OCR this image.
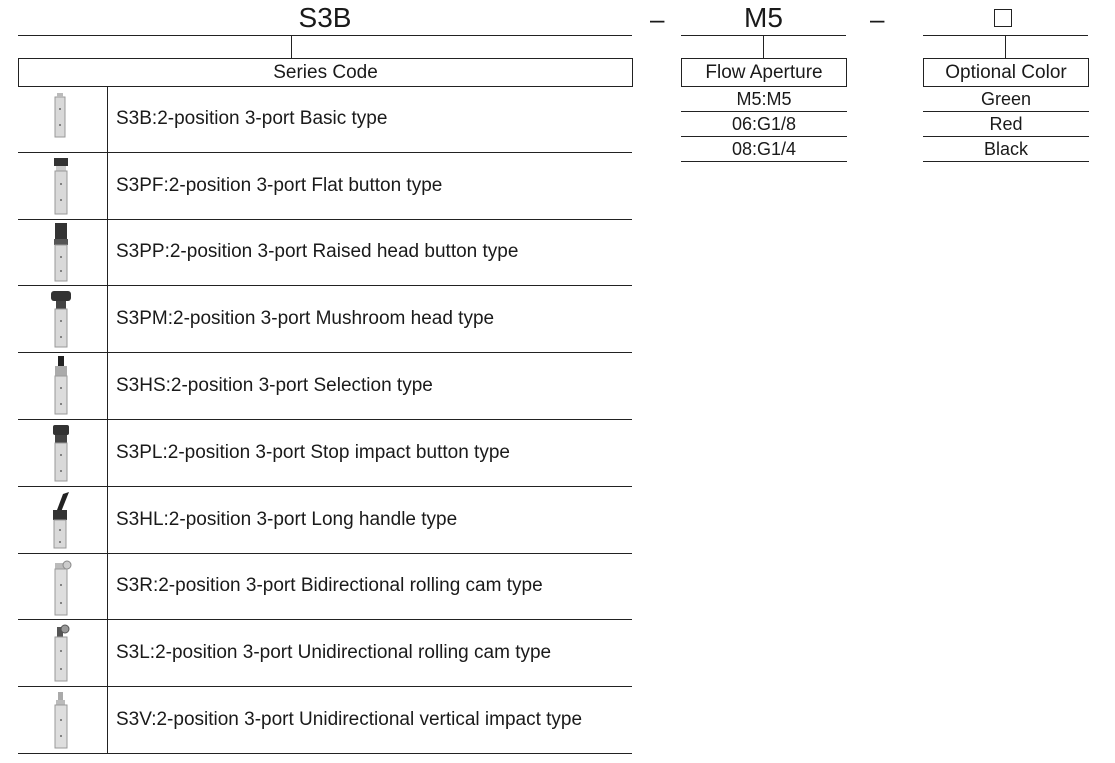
S3B	–	M5	–
Series Code	Flow Aperture	Optional Color
M5:M5
06:G1/8
08:G1/4
Green
Red
Black
S3B:2-position 3-port Basic type
S3PF:2-position 3-port Flat button type
S3PP:2-position 3-port Raised head button type
S3PM:2-position 3-port Mushroom head type
S3HS:2-position 3-port Selection type
S3PL:2-position 3-port Stop impact button type
S3HL:2-position 3-port Long handle type
S3R:2-position 3-port Bidirectional rolling cam type
S3L:2-position 3-port Unidirectional rolling cam type
S3V:2-position 3-port Unidirectional vertical impact type
